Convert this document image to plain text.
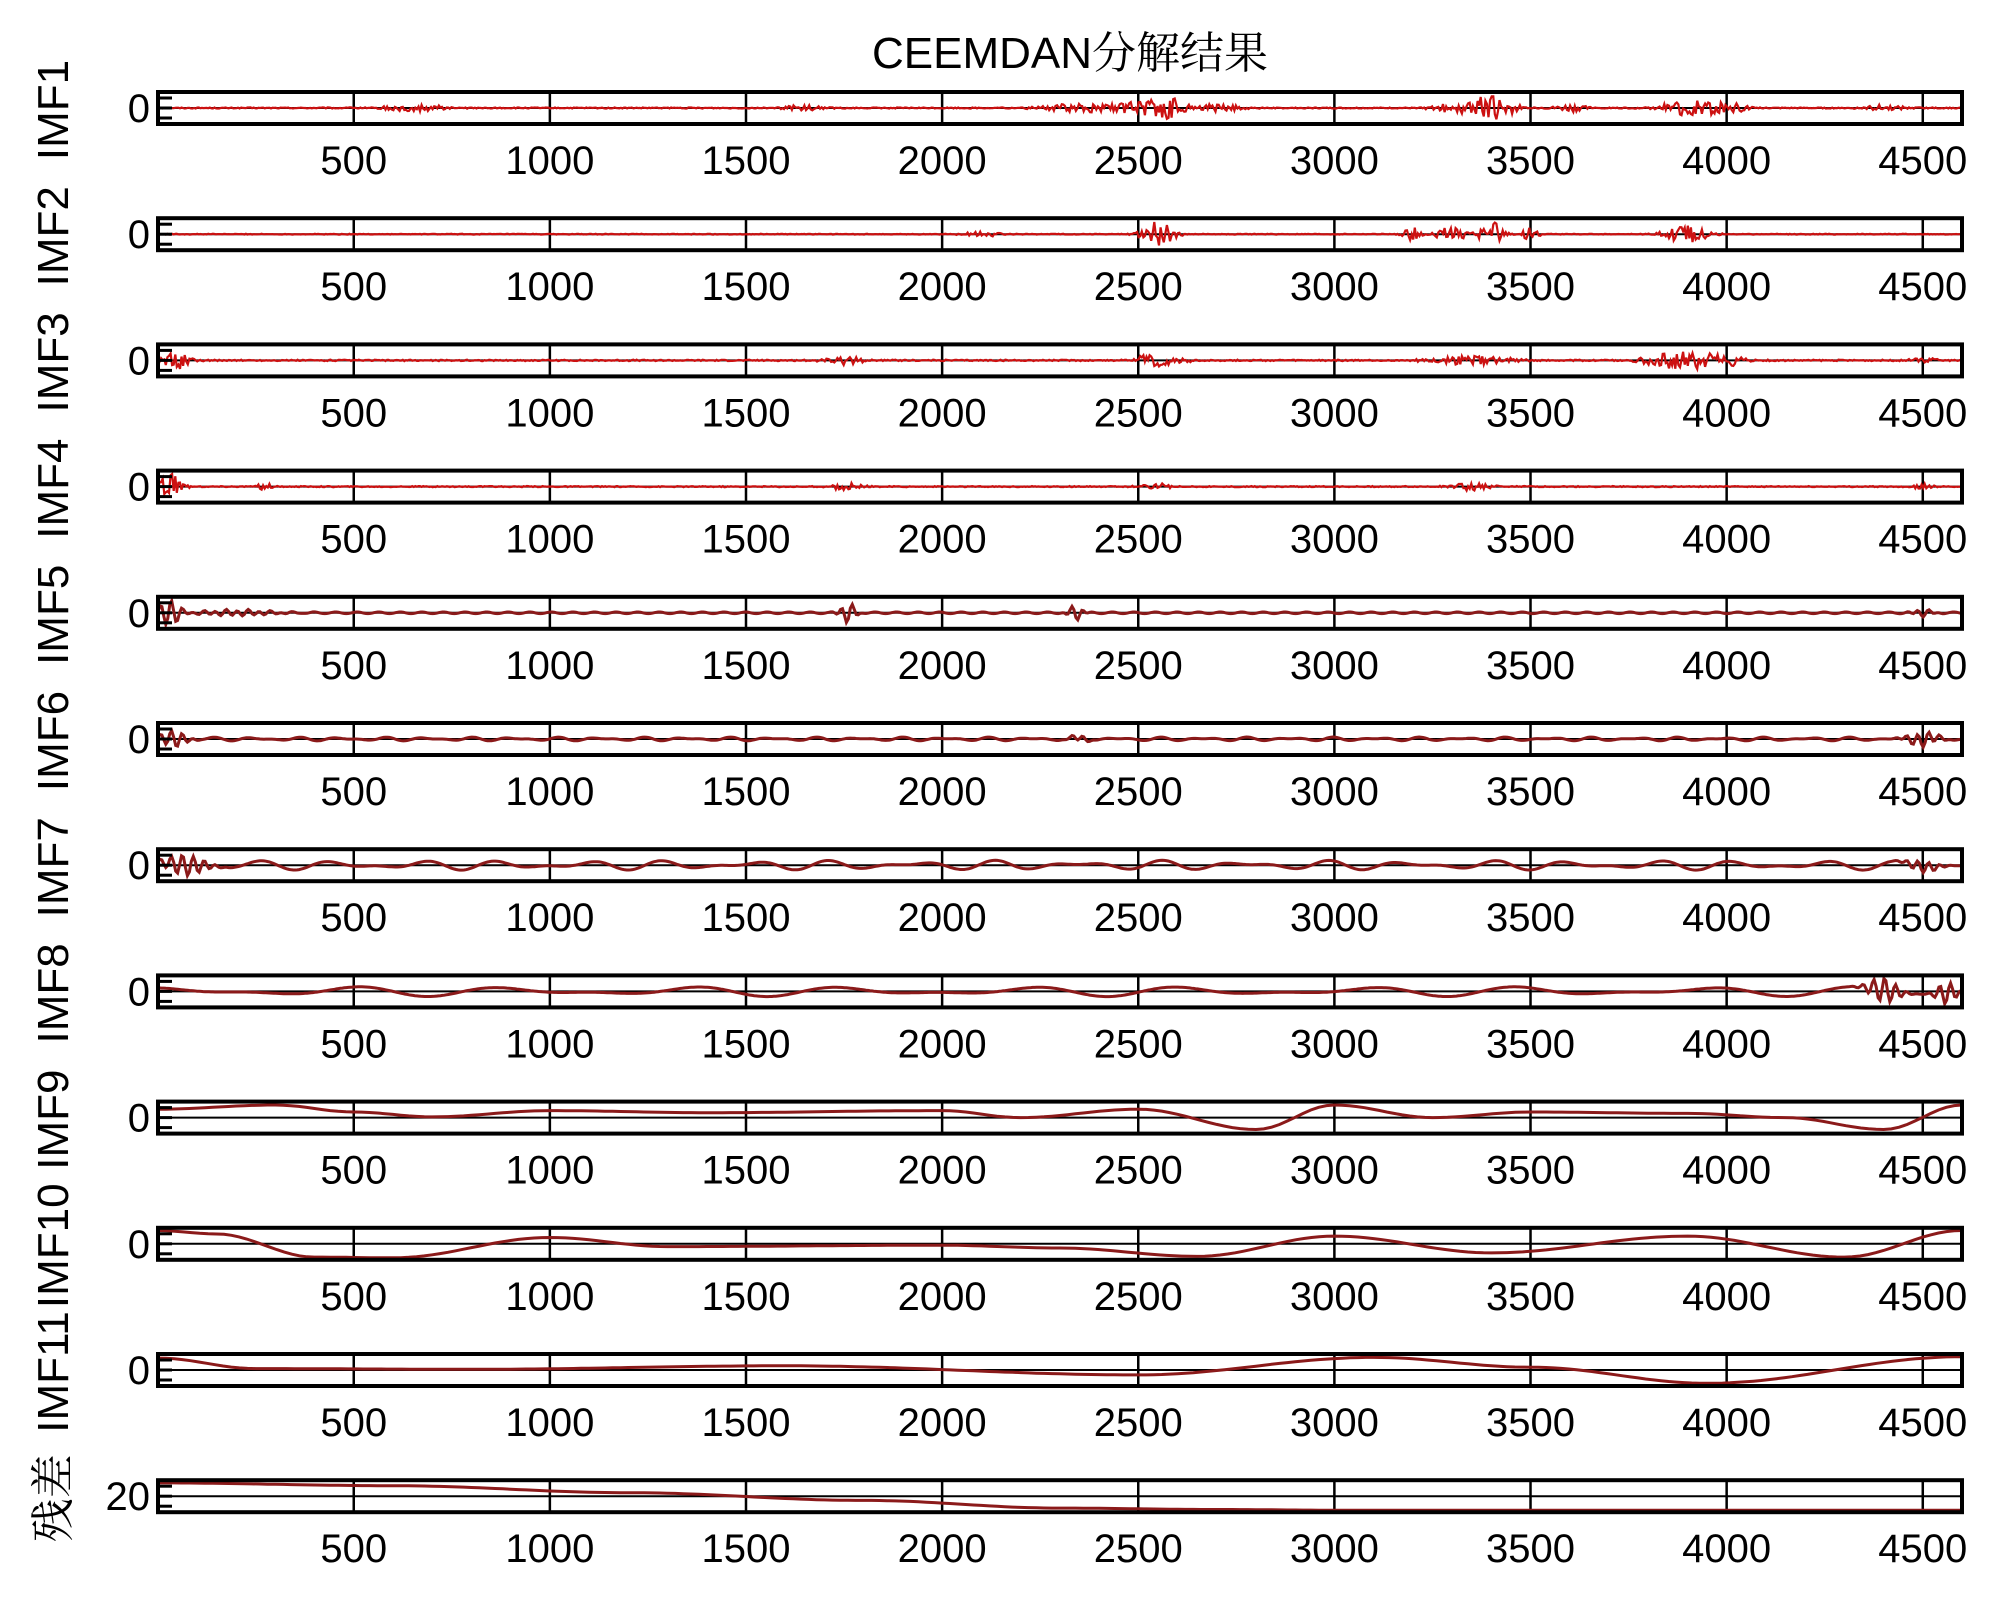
CEEMDAN分解结果
500	1000	1500	2000	2500	3000	3500	4000	4500
0
IMF1
500	1000	1500	2000	2500	3000	3500	4000	4500
0
IMF2
500	1000	1500	2000	2500	3000	3500	4000	4500
0
IMF3
500	1000	1500	2000	2500	3000	3500	4000	4500
0
IMF4
500	1000	1500	2000	2500	3000	3500	4000	4500
0
IMF5
500	1000	1500	2000	2500	3000	3500	4000	4500
0
IMF6
500	1000	1500	2000	2500	3000	3500	4000	4500
0
IMF7
500	1000	1500	2000	2500	3000	3500	4000	4500
0
IMF8
500	1000	1500	2000	2500	3000	3500	4000	4500
0
IMF9
500	1000	1500	2000	2500	3000	3500	4000	4500
0
IMF10
500	1000	1500	2000	2500	3000	3500	4000	4500
0
IMF11
500	1000	1500	2000	2500	3000	3500	4000	4500
20
残差
